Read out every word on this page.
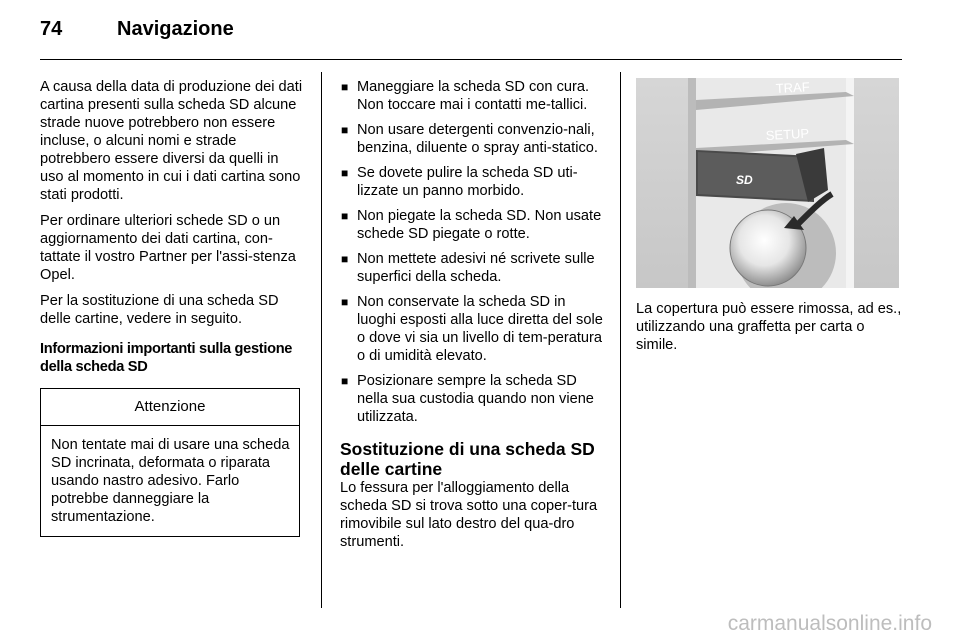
74	Navigazione

A causa della data di produzione dei dati cartina presenti sulla scheda SD alcune strade nuove potrebbero non essere incluse, o alcuni nomi e strade potrebbero essere diversi da quelli in uso al momento in cui i dati cartina sono stati prodotti.

Per ordinare ulteriori schede SD o un aggiornamento dei dati cartina, con-tattate il vostro Partner per l'assi-stenza Opel.

Per la sostituzione di una scheda SD delle cartine, vedere in seguito.

Informazioni importanti sulla gestione della scheda SD

Attenzione
Non tentate mai di usare una scheda SD incrinata, deformata o riparata usando nastro adesivo. Farlo potrebbe danneggiare la strumentazione.
■ Maneggiare la scheda SD con cura. Non toccare mai i contatti me-tallici.
■ Non usare detergenti convenzio-nali, benzina, diluente o spray anti-statico.
■ Se dovete pulire la scheda SD uti-lizzate un panno morbido.
■ Non piegate la scheda SD. Non usate schede SD piegate o rotte.
■ Non mettete adesivi né scrivete sulle superfici della scheda.
■ Non conservate la scheda SD in luoghi esposti alla luce diretta del sole o dove vi sia un livello di tem-peratura o di umidità elevato.
■ Posizionare sempre la scheda SD nella sua custodia quando non viene utilizzata.
Sostituzione di una scheda SD delle cartine

Lo fessura per l'alloggiamento della scheda SD si trova sotto una coper-tura rimovibile sul lato destro del qua-dro strumenti.

TRAF
SETUP
SD

La copertura può essere rimossa, ad es., utilizzando una graffetta per carta o simile.

carmanualsonline.info
